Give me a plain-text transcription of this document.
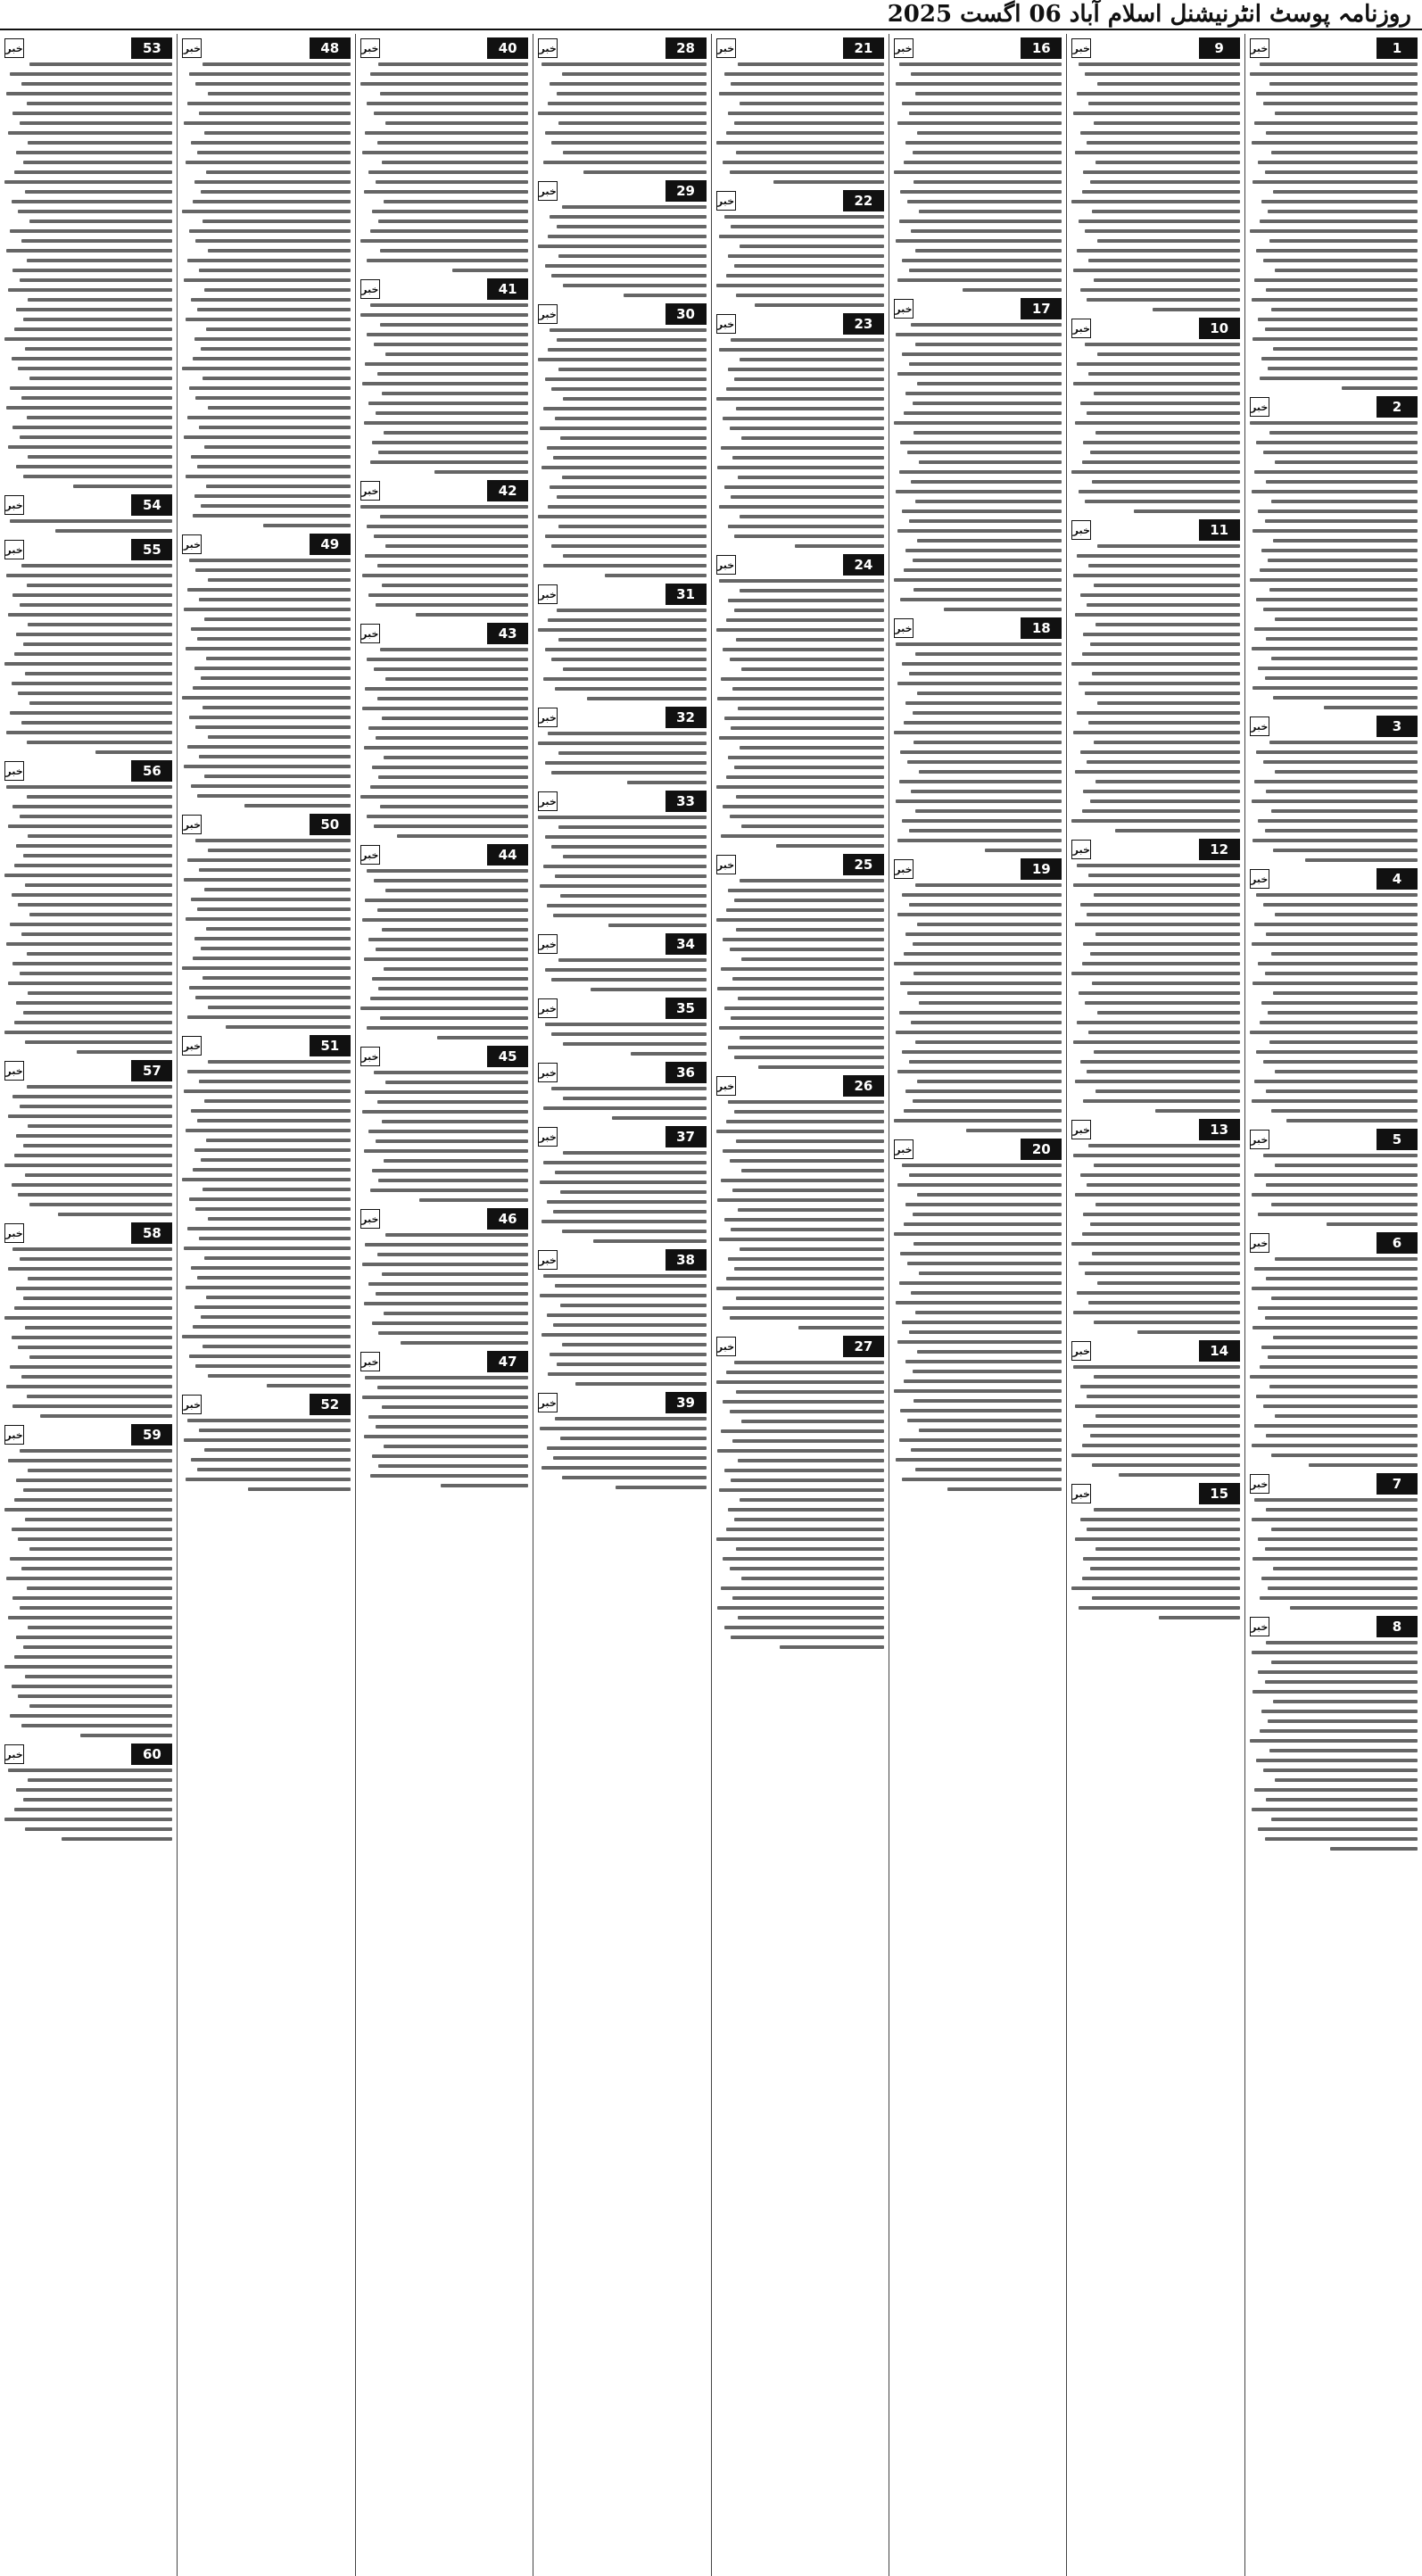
روزنامہ پوسٹ انٹرنیشنل اسلام آباد 06 اگست 2025
1
خبر
2
خبر
3
خبر
4
خبر
5
خبر
6
خبر
7
خبر
8
خبر
9
خبر
10
خبر
11
خبر
12
خبر
13
خبر
14
خبر
15
خبر
16
خبر
17
خبر
18
خبر
19
خبر
20
خبر
21
خبر
22
خبر
23
خبر
24
خبر
25
خبر
26
خبر
27
خبر
28
خبر
29
خبر
30
خبر
31
خبر
32
خبر
33
خبر
34
خبر
35
خبر
36
خبر
37
خبر
38
خبر
39
خبر
40
خبر
41
خبر
42
خبر
43
خبر
44
خبر
45
خبر
46
خبر
47
خبر
48
خبر
49
خبر
50
خبر
51
خبر
52
خبر
53
خبر
54
خبر
55
خبر
56
خبر
57
خبر
58
خبر
59
خبر
60
خبر
